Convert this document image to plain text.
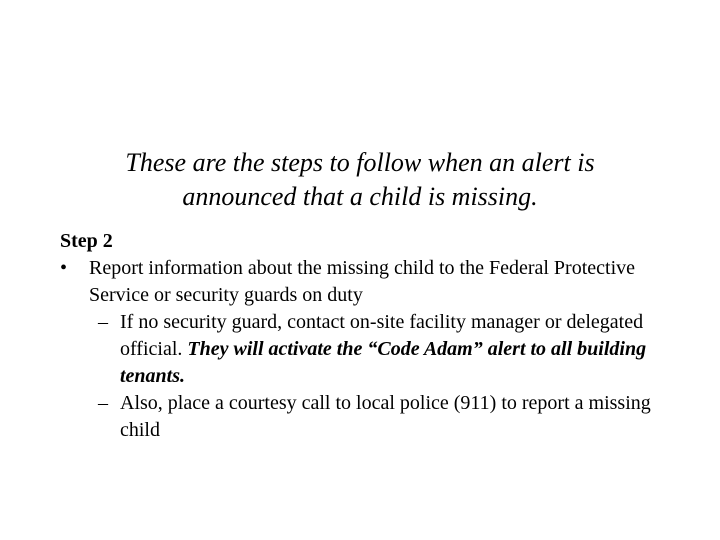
These are the steps to follow when an alert is
announced that a child is missing.
Step 2
• Report information about the missing child to the Federal Protective Service or security guards on duty
– If no security guard, contact on-site facility manager or delegated official. They will activate the “Code Adam” alert to all building tenants.
– Also, place a courtesy call to local police (911) to report a missing child
